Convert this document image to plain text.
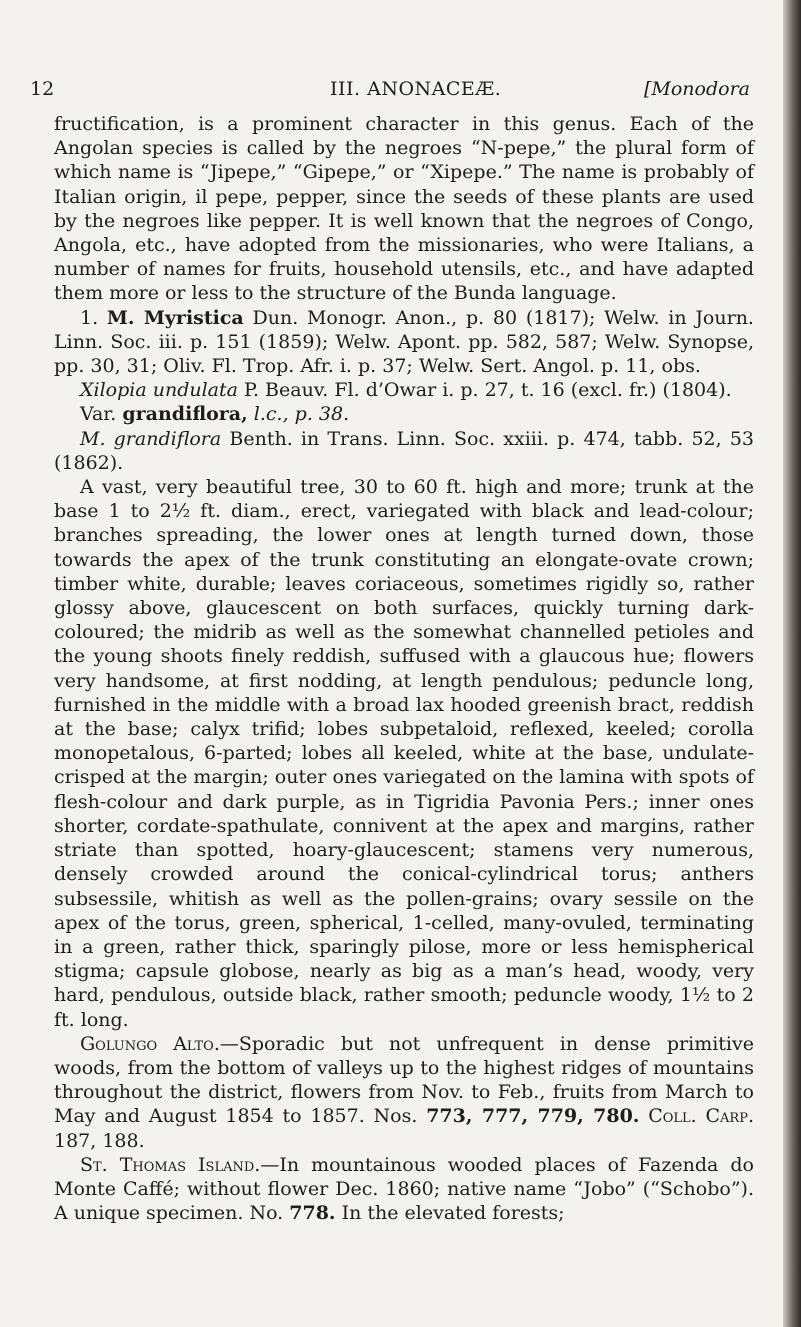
12	III. ANONACEÆ.	[Monodora

fructification, is a prominent character in this genus. Each of the Angolan species is called by the negroes “N-pepe,” the plural form of which name is “Jipepe,” “Gipepe,” or “Xipepe.” The name is probably of Italian origin, il pepe, pepper, since the seeds of these plants are used by the negroes like pepper. It is well known that the negroes of Congo, Angola, etc., have adopted from the missionaries, who were Italians, a number of names for fruits, household utensils, etc., and have adapted them more or less to the structure of the Bunda language.

1. M. Myristica Dun. Monogr. Anon., p. 80 (1817); Welw. in Journ. Linn. Soc. iii. p. 151 (1859); Welw. Apont. pp. 582, 587; Welw. Synopse, pp. 30, 31; Oliv. Fl. Trop. Afr. i. p. 37; Welw. Sert. Angol. p. 11, obs.

Xilopia undulata P. Beauv. Fl. d’Owar i. p. 27, t. 16 (excl. fr.) (1804).

Var. grandiflora, l.c., p. 38.

M. grandiflora Benth. in Trans. Linn. Soc. xxiii. p. 474, tabb. 52, 53 (1862).

A vast, very beautiful tree, 30 to 60 ft. high and more; trunk at the base 1 to 2½ ft. diam., erect, variegated with black and lead-colour; branches spreading, the lower ones at length turned down, those towards the apex of the trunk constituting an elongate-ovate crown; timber white, durable; leaves coriaceous, sometimes rigidly so, rather glossy above, glaucescent on both surfaces, quickly turning dark-coloured; the midrib as well as the somewhat channelled petioles and the young shoots finely reddish, suffused with a glaucous hue; flowers very handsome, at first nodding, at length pendulous; peduncle long, furnished in the middle with a broad lax hooded greenish bract, reddish at the base; calyx trifid; lobes subpetaloid, reflexed, keeled; corolla monopetalous, 6-parted; lobes all keeled, white at the base, undulate-crisped at the margin; outer ones variegated on the lamina with spots of flesh-colour and dark purple, as in Tigridia Pavonia Pers.; inner ones shorter, cordate-spathulate, connivent at the apex and margins, rather striate than spotted, hoary-glaucescent; stamens very numerous, densely crowded around the conical-cylindrical torus; anthers subsessile, whitish as well as the pollen-grains; ovary sessile on the apex of the torus, green, spherical, 1-celled, many-ovuled, terminating in a green, rather thick, sparingly pilose, more or less hemispherical stigma; capsule globose, nearly as big as a man’s head, woody, very hard, pendulous, outside black, rather smooth; peduncle woody, 1½ to 2 ft. long.

Golungo Alto.—Sporadic but not unfrequent in dense primitive woods, from the bottom of valleys up to the highest ridges of mountains throughout the district, flowers from Nov. to Feb., fruits from March to May and August 1854 to 1857. Nos. 773, 777, 779, 780. Coll. Carp. 187, 188.

St. Thomas Island.—In mountainous wooded places of Fazenda do Monte Caffé; without flower Dec. 1860; native name “Jobo” (“Schobo”). A unique specimen. No. 778. In the elevated forests;
